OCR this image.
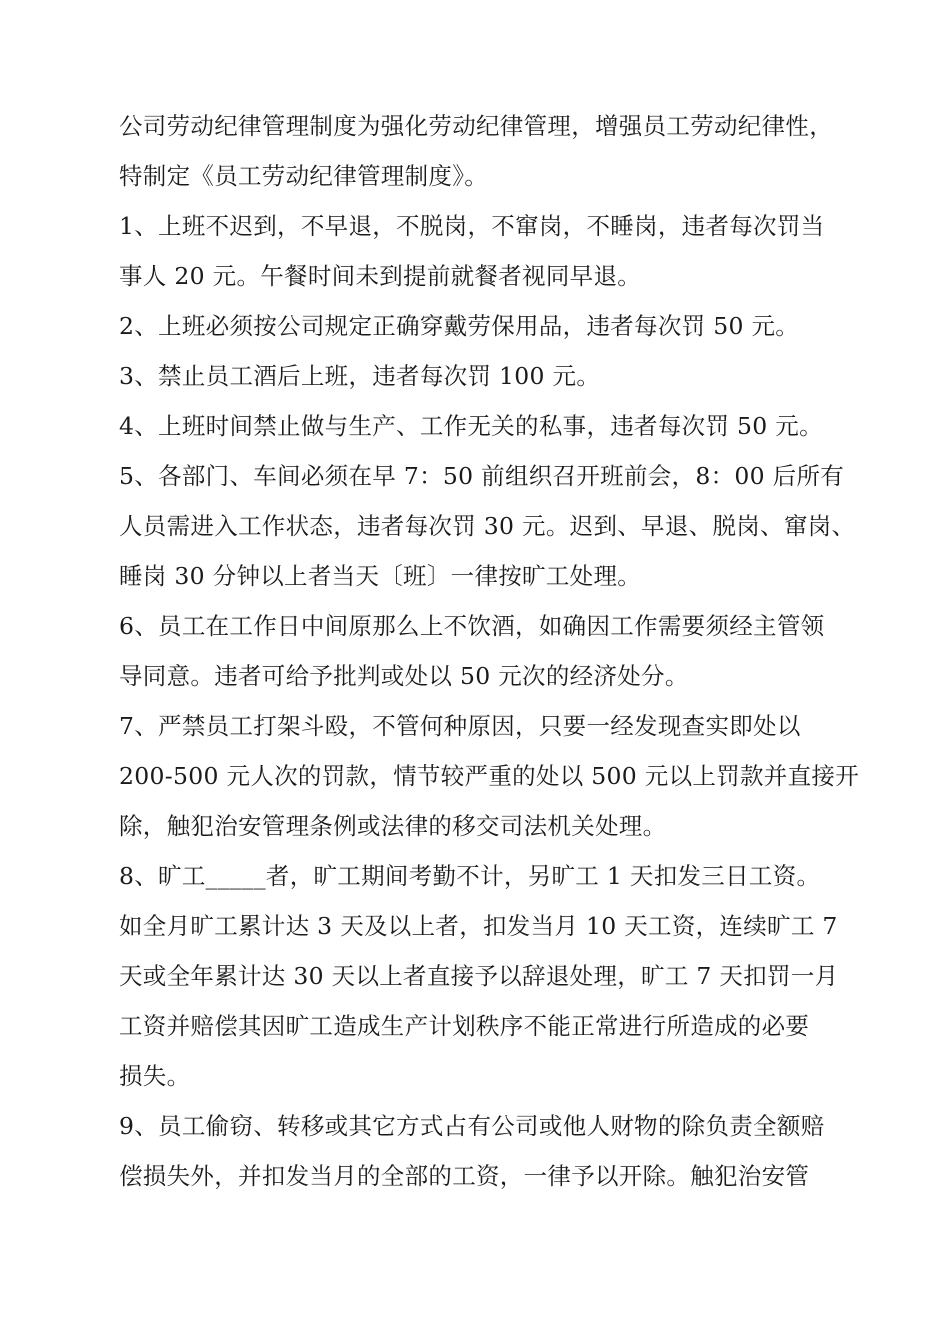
公司劳动纪律管理制度为强化劳动纪律管理，增强员工劳动纪律性，
特制定《员工劳动纪律管理制度》。
1、上班不迟到，不早退，不脱岗，不窜岗，不睡岗，违者每次罚当
事人 20 元。午餐时间未到提前就餐者视同早退。
2、上班必须按公司规定正确穿戴劳保用品，违者每次罚 50 元。
3、禁止员工酒后上班，违者每次罚 100 元。
4、上班时间禁止做与生产、工作无关的私事，违者每次罚 50 元。
5、各部门、车间必须在早 7：50 前组织召开班前会，8：00 后所有
人员需进入工作状态，违者每次罚 30 元。迟到、早退、脱岗、窜岗、
睡岗 30 分钟以上者当天〔班〕一律按旷工处理。
6、员工在工作日中间原那么上不饮酒，如确因工作需要须经主管领
导同意。违者可给予批判或处以 50 元次的经济处分。
7、严禁员工打架斗殴，不管何种原因，只要一经发现查实即处以
200-500 元人次的罚款，情节较严重的处以 500 元以上罚款并直接开
除，触犯治安管理条例或法律的移交司法机关处理。
8、旷工_____者，旷工期间考勤不计，另旷工 1 天扣发三日工资。
如全月旷工累计达 3 天及以上者，扣发当月 10 天工资，连续旷工 7
天或全年累计达 30 天以上者直接予以辞退处理，旷工 7 天扣罚一月
工资并赔偿其因旷工造成生产计划秩序不能正常进行所造成的必要
损失。
9、员工偷窃、转移或其它方式占有公司或他人财物的除负责全额赔
偿损失外，并扣发当月的全部的工资，一律予以开除。触犯治安管
